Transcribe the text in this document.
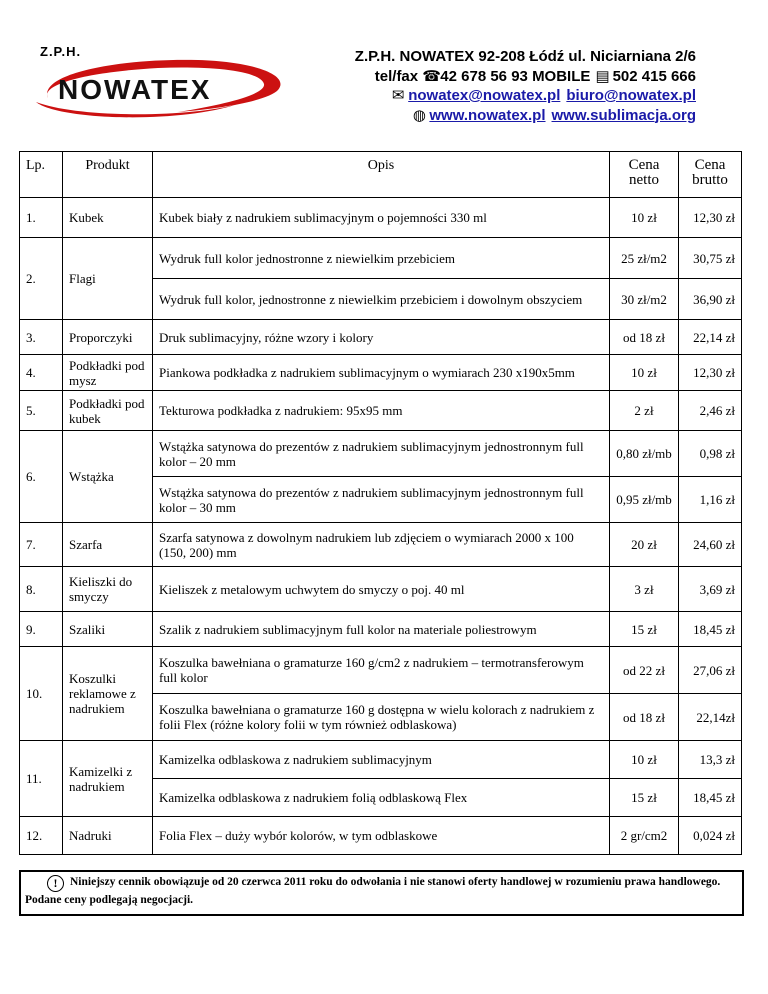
Z.P.H.
NOWATEX
Z.P.H. NOWATEX 92-208 Łódź ul. Niciarniana 2/6
tel/fax ☎42 678 56 93 MOBILE ▤ 502 415 666
✉ nowatex@nowatex.pl biuro@nowatex.pl
◍ www.nowatex.pl www.sublimacja.org
Lp.	Produkt	Opis	Cena netto	Cena brutto
1.	Kubek	Kubek biały z nadrukiem sublimacyjnym o pojemności 330 ml	10 zł	12,30 zł
2.	Flagi	Wydruk full kolor jednostronne z niewielkim przebiciem	25 zł/m2	30,75 zł
		Wydruk full kolor, jednostronne z niewielkim przebiciem i dowolnym obszyciem	30 zł/m2	36,90 zł
3.	Proporczyki	Druk sublimacyjny, różne wzory i kolory	od 18 zł	22,14 zł
4.	Podkładki pod mysz	Piankowa podkładka z nadrukiem sublimacyjnym o wymiarach 230 x190x5mm	10 zł	12,30 zł
5.	Podkładki pod kubek	Tekturowa podkładka z nadrukiem: 95x95 mm	2 zł	2,46 zł
6.	Wstążka	Wstążka satynowa do prezentów z nadrukiem sublimacyjnym jednostronnym full kolor – 20 mm	0,80 zł/mb	0,98 zł
		Wstążka satynowa do prezentów z nadrukiem sublimacyjnym jednostronnym full kolor – 30 mm	0,95 zł/mb	1,16 zł
7.	Szarfa	Szarfa satynowa z dowolnym nadrukiem lub zdjęciem o wymiarach 2000 x 100 (150, 200) mm	20 zł	24,60 zł
8.	Kieliszki do smyczy	Kieliszek z metalowym uchwytem do smyczy o poj. 40 ml	3 zł	3,69 zł
9.	Szaliki	Szalik z nadrukiem sublimacyjnym full kolor na materiale poliestrowym	15 zł	18,45 zł
10.	Koszulki reklamowe z nadrukiem	Koszulka bawełniana o gramaturze 160 g/cm2 z nadrukiem – termotransferowym full kolor	od 22 zł	27,06 zł
		Koszulka bawełniana o gramaturze 160 g dostępna w wielu kolorach z nadrukiem z folii Flex (różne kolory folii w tym również odblaskowa)	od 18 zł	22,14zł
11.	Kamizelki z nadrukiem	Kamizelka odblaskowa z nadrukiem sublimacyjnym	10 zł	13,3 zł
		Kamizelka odblaskowa z nadrukiem folią odblaskową Flex	15 zł	18,45 zł
12.	Nadruki	Folia Flex – duży wybór kolorów, w tym odblaskowe	2 gr/cm2	0,024 zł
! Niniejszy cennik obowiązuje od 20 czerwca 2011 roku do odwołania i nie stanowi oferty handlowej w rozumieniu prawa handlowego. Podane ceny podlegają negocjacji.
